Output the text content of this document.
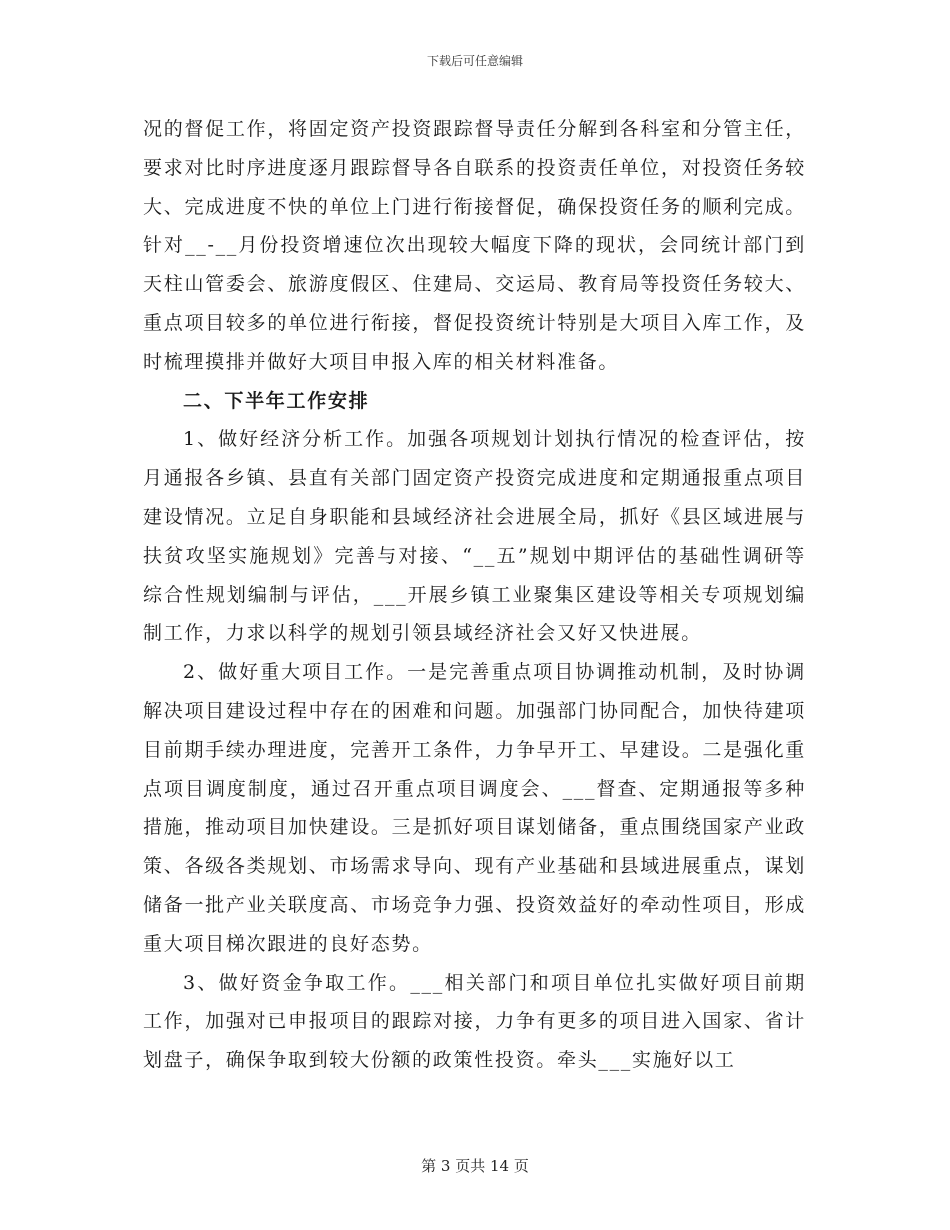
下载后可任意编辑

况的督促工作，将固定资产投资跟踪督导责任分解到各科室和分管主任，要求对比时序进度逐月跟踪督导各自联系的投资责任单位，对投资任务较大、完成进度不快的单位上门进行衔接督促，确保投资任务的顺利完成。针对__-__月份投资增速位次出现较大幅度下降的现状，会同统计部门到天柱山管委会、旅游度假区、住建局、交运局、教育局等投资任务较大、重点项目较多的单位进行衔接，督促投资统计特别是大项目入库工作，及时梳理摸排并做好大项目申报入库的相关材料准备。

二、下半年工作安排

1、做好经济分析工作。加强各项规划计划执行情况的检查评估，按月通报各乡镇、县直有关部门固定资产投资完成进度和定期通报重点项目建设情况。立足自身职能和县域经济社会进展全局，抓好《县区域进展与扶贫攻坚实施规划》完善与对接、“__五”规划中期评估的基础性调研等综合性规划编制与评估，___开展乡镇工业聚集区建设等相关专项规划编制工作，力求以科学的规划引领县域经济社会又好又快进展。

2、做好重大项目工作。一是完善重点项目协调推动机制，及时协调解决项目建设过程中存在的困难和问题。加强部门协同配合，加快待建项目前期手续办理进度，完善开工条件，力争早开工、早建设。二是强化重点项目调度制度，通过召开重点项目调度会、___督查、定期通报等多种措施，推动项目加快建设。三是抓好项目谋划储备，重点围绕国家产业政策、各级各类规划、市场需求导向、现有产业基础和县域进展重点，谋划储备一批产业关联度高、市场竞争力强、投资效益好的牵动性项目，形成重大项目梯次跟进的良好态势。

3、做好资金争取工作。___相关部门和项目单位扎实做好项目前期工作，加强对已申报项目的跟踪对接，力争有更多的项目进入国家、省计划盘子，确保争取到较大份额的政策性投资。牵头___实施好以工

第 3 页共 14 页
